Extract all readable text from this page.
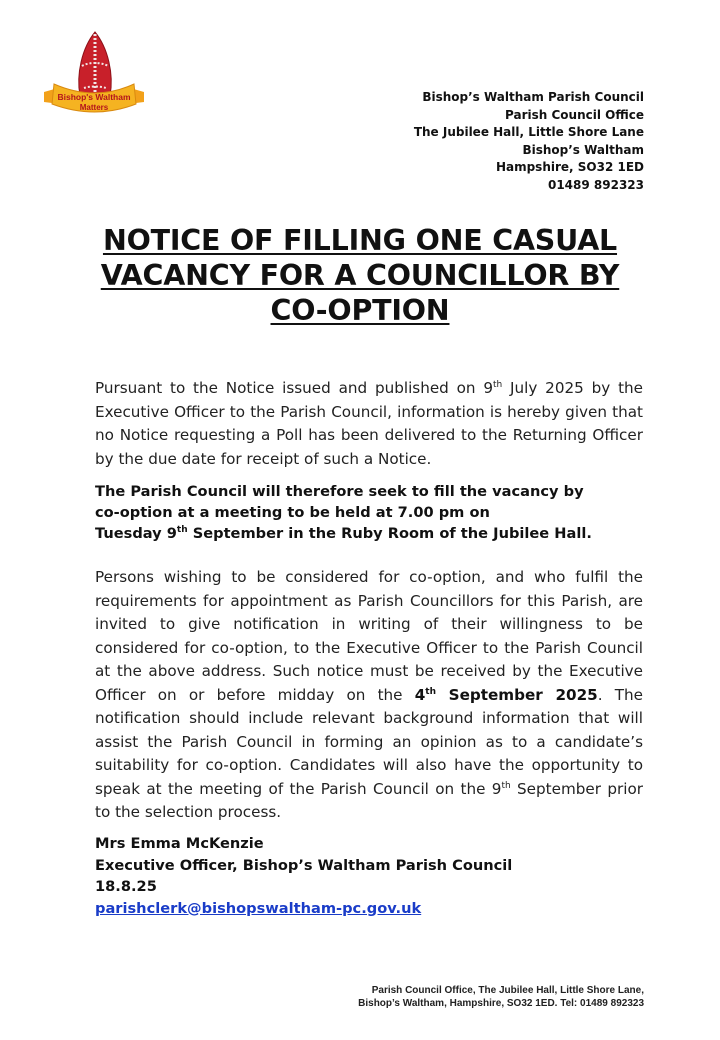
Bishop's Waltham
Matters
Bishop’s Waltham Parish Council
Parish Council Office
The Jubilee Hall, Little Shore Lane
Bishop’s Waltham
Hampshire, SO32 1ED
01489 892323
NOTICE OF FILLING ONE CASUAL
VACANCY FOR A COUNCILLOR BY
CO-OPTION
Pursuant to the Notice issued and published on 9th July 2025 by the Executive Officer to the Parish Council, information is hereby given that no Notice requesting a Poll has been delivered to the Returning Officer by the due date for receipt of such a Notice.
The Parish Council will therefore seek to fill the vacancy by
co-option at a meeting to be held at 7.00 pm on
Tuesday 9th September in the Ruby Room of the Jubilee Hall.
Persons wishing to be considered for co-option, and who fulfil the requirements for appointment as Parish Councillors for this Parish, are invited to give notification in writing of their willingness to be considered for co-option, to the Executive Officer to the Parish Council at the above address. Such notice must be received by the Executive Officer on or before midday on the 4th September 2025. The notification should include relevant background information that will assist the Parish Council in forming an opinion as to a candidate’s suitability for co-option. Candidates will also have the opportunity to speak at the meeting of the Parish Council on the 9th September prior to the selection process.
Mrs Emma McKenzie
Executive Officer, Bishop’s Waltham Parish Council
18.8.25
parishclerk@bishopswaltham-pc.gov.uk
Parish Council Office, The Jubilee Hall, Little Shore Lane,
Bishop’s Waltham, Hampshire, SO32 1ED. Tel: 01489 892323
